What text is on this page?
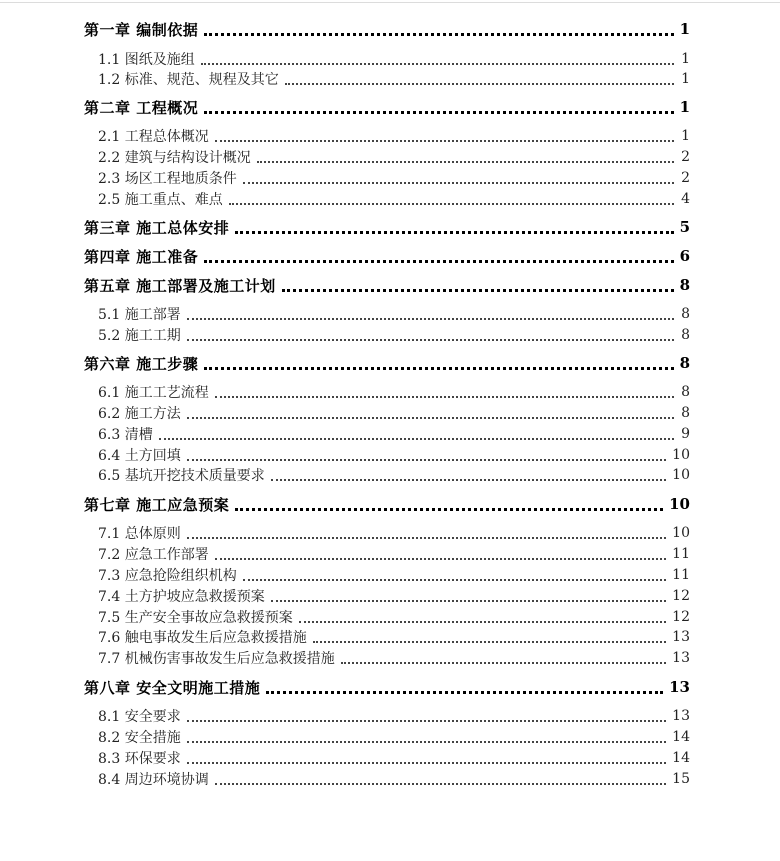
第一章 编制依据	1
1.1 图纸及施组	1
1.2 标准、规范、规程及其它	1
第二章 工程概况	1
2.1 工程总体概况	1
2.2 建筑与结构设计概况	2
2.3 场区工程地质条件	2
2.5 施工重点、难点	4
第三章 施工总体安排	5
第四章 施工准备	6
第五章 施工部署及施工计划	8
5.1 施工部署	8
5.2 施工工期	8
第六章 施工步骤	8
6.1 施工工艺流程	8
6.2 施工方法	8
6.3 清槽	9
6.4 土方回填	10
6.5 基坑开挖技术质量要求	10
第七章 施工应急预案	10
7.1 总体原则	10
7.2 应急工作部署	11
7.3 应急抢险组织机构	11
7.4 土方护坡应急救援预案	12
7.5 生产安全事故应急救援预案	12
7.6 触电事故发生后应急救援措施	13
7.7 机械伤害事故发生后应急救援措施	13
第八章 安全文明施工措施	13
8.1 安全要求	13
8.2 安全措施	14
8.3 环保要求	14
8.4 周边环境协调	15
